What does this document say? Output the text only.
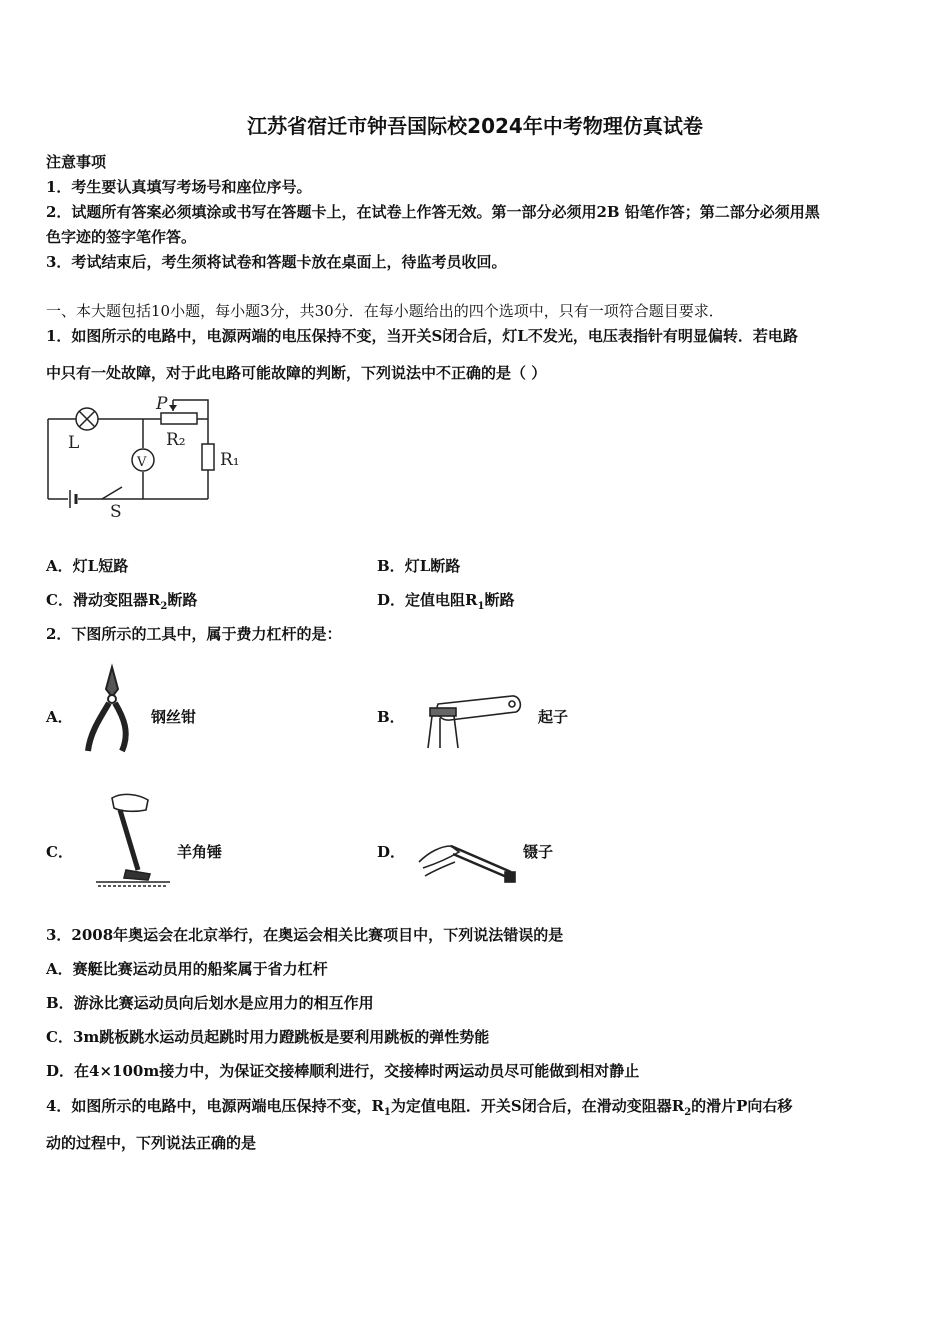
江苏省宿迁市钟吾国际校2024年中考物理仿真试卷
注意事项
1．考生要认真填写考场号和座位序号。
2．试题所有答案必须填涂或书写在答题卡上，在试卷上作答无效。第一部分必须用2B 铅笔作答；第二部分必须用黑
色字迹的签字笔作答。
3．考试结束后，考生须将试卷和答题卡放在桌面上，待监考员收回。
一、本大题包括10小题，每小题3分，共30分．在每小题给出的四个选项中，只有一项符合题目要求．
1．如图所示的电路中，电源两端的电压保持不变，当开关S闭合后，灯L不发光，电压表指针有明显偏转．若电路
中只有一处故障，对于此电路可能故障的判断，下列说法中不正确的是（ ）
P
L
V
R₂
R₁
S
A．灯L短路	B．灯L断路
C．滑动变阻器$R_2$断路	D．定值电阻$R_1$断路
2．下图所示的工具中，属于费力杠杆的是：
A．	钢丝钳	B．	起子
C．	羊角锤	D．	镊子
3．2008年奥运会在北京举行，在奥运会相关比赛项目中，下列说法错误的是
A．赛艇比赛运动员用的船桨属于省力杠杆
B．游泳比赛运动员向后划水是应用力的相互作用
C．3m跳板跳水运动员起跳时用力蹬跳板是要利用跳板的弹性势能
D．在4×100m接力中，为保证交接棒顺利进行，交接棒时两运动员尽可能做到相对静止
4．如图所示的电路中，电源两端电压保持不变，$R_1$为定值电阻．开关S闭合后，在滑动变阻器$R_2$的滑片P向右移
动的过程中，下列说法正确的是
